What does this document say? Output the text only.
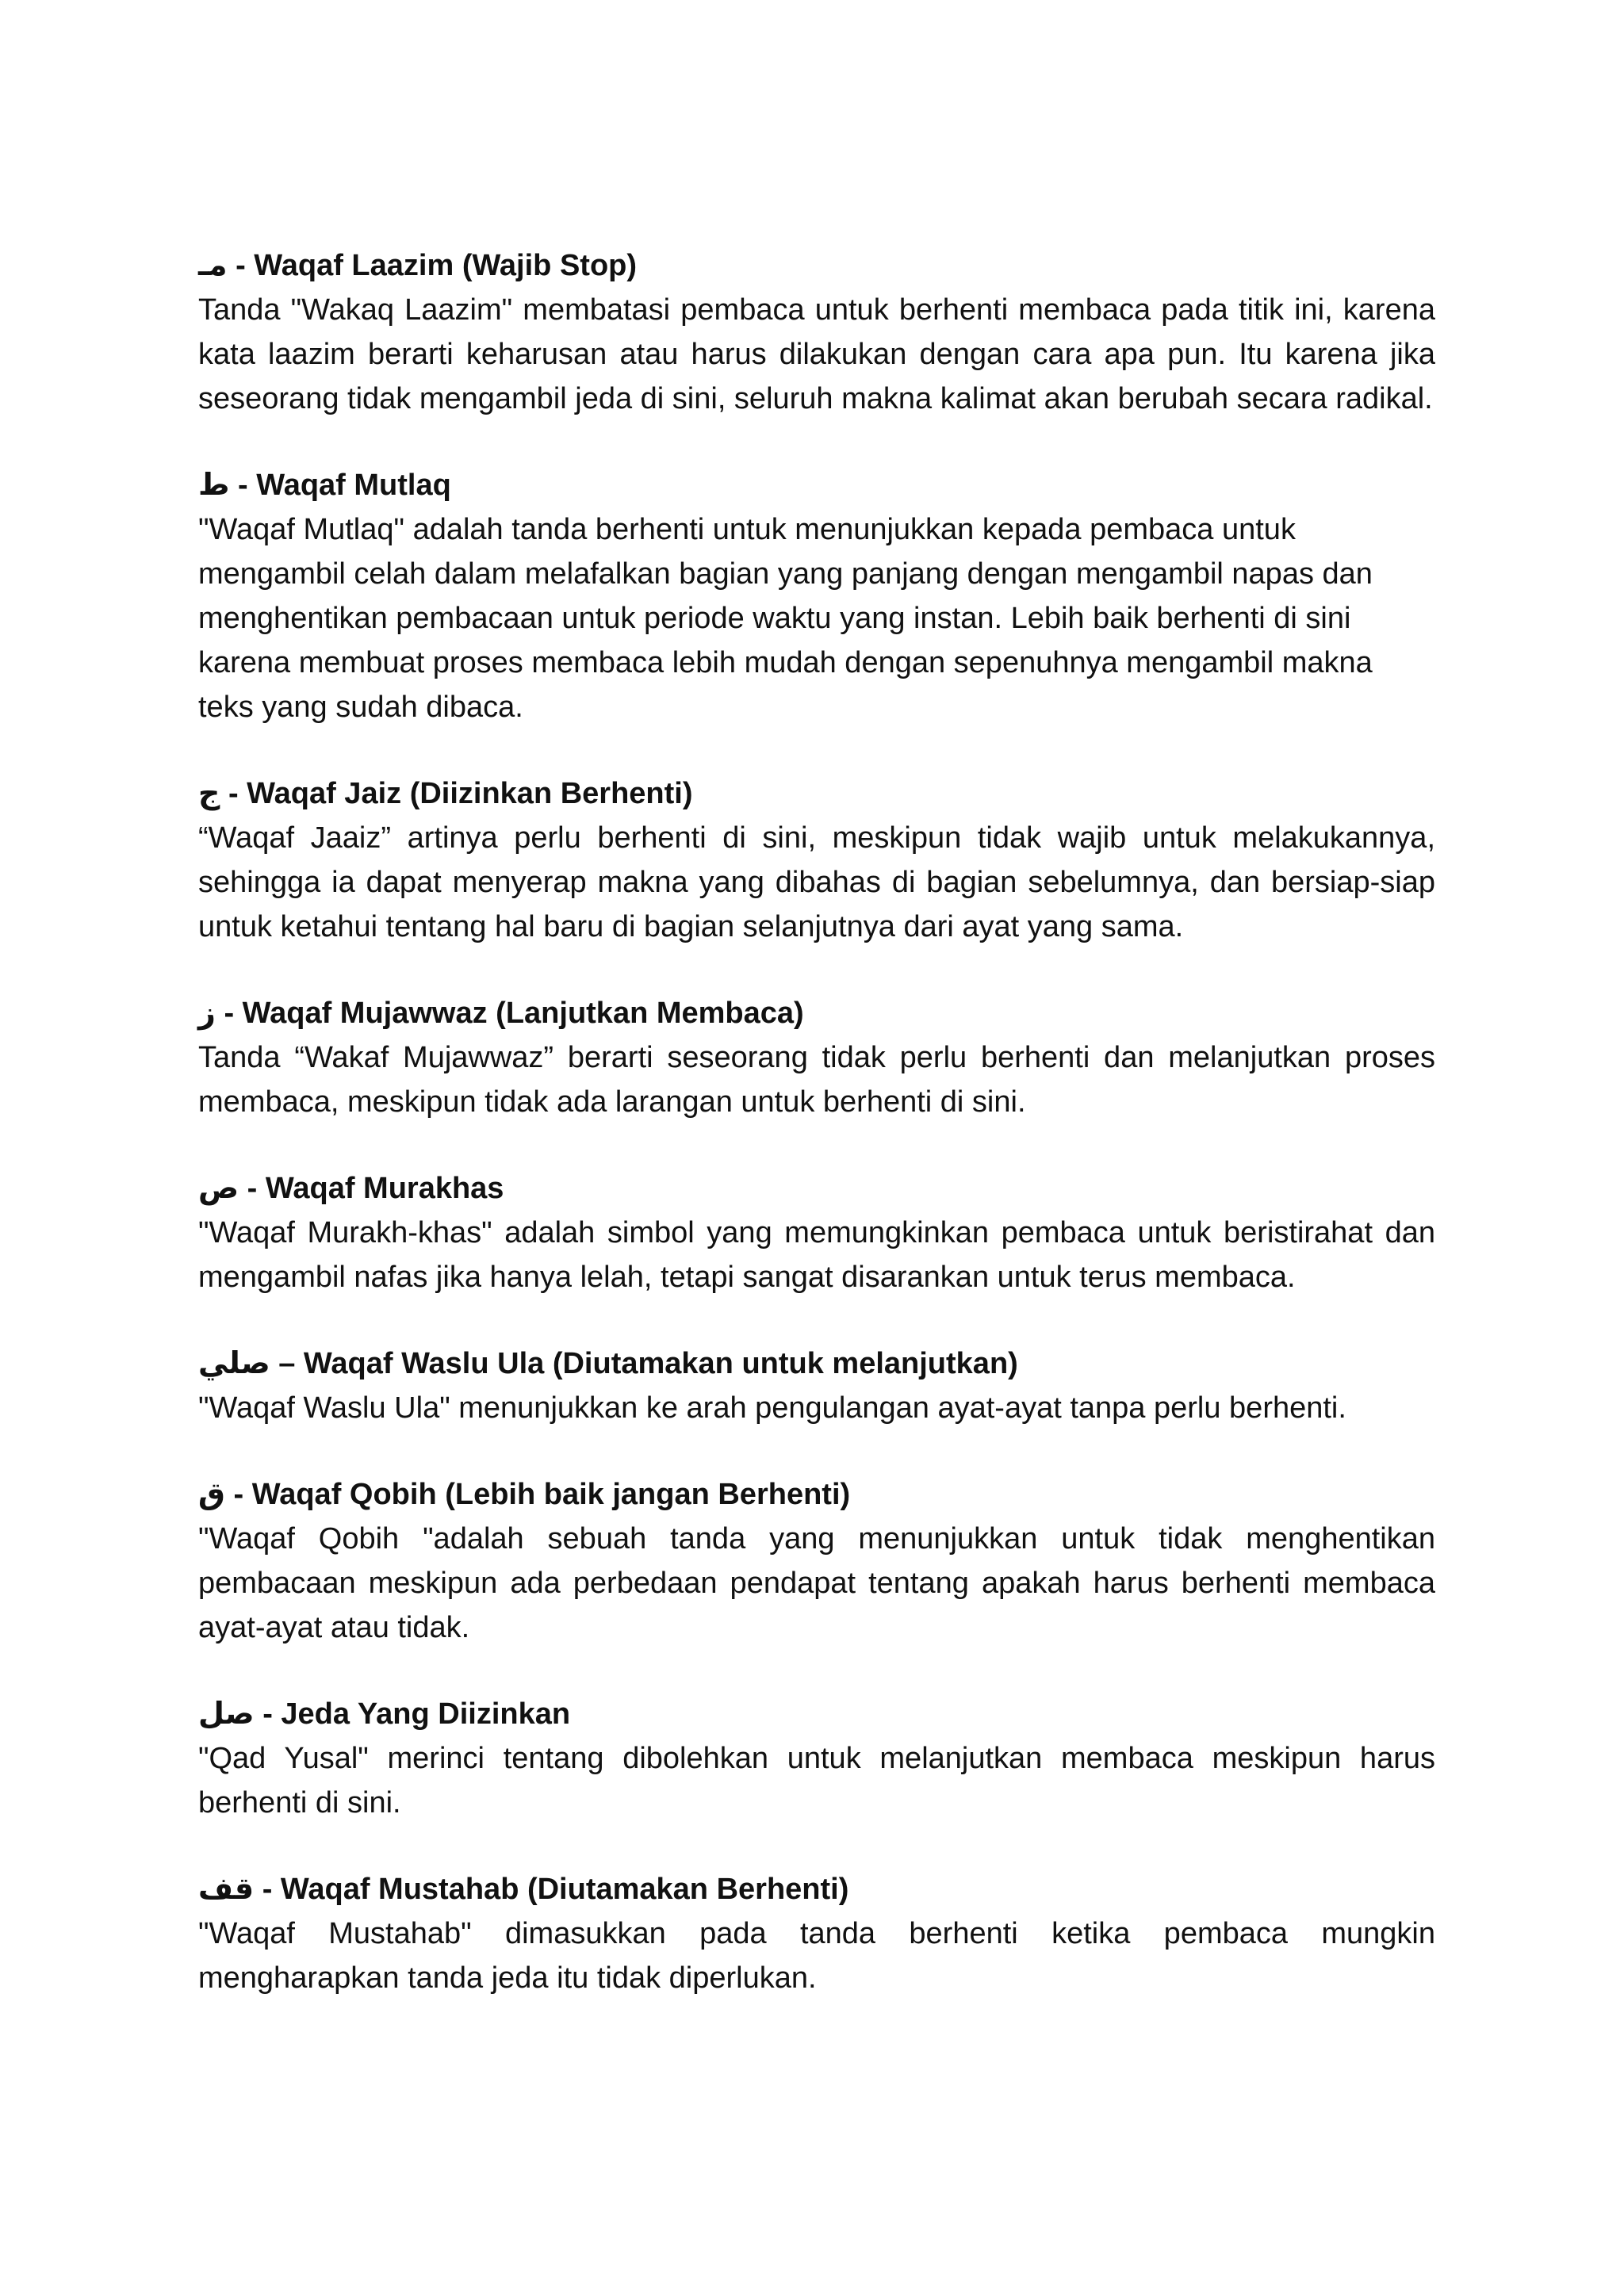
مـ - Waqaf Laazim (Wajib Stop)

Tanda "Wakaq Laazim" membatasi pembaca untuk berhenti membaca pada titik ini, karena kata laazim berarti keharusan atau harus dilakukan dengan cara apa pun. Itu karena jika seseorang tidak mengambil jeda di sini, seluruh makna kalimat akan berubah secara radikal.

ط - Waqaf Mutlaq

"Waqaf Mutlaq" adalah tanda berhenti untuk menunjukkan kepada pembaca untuk mengambil celah dalam melafalkan bagian yang panjang dengan mengambil napas dan menghentikan pembacaan untuk periode waktu yang instan. Lebih baik berhenti di sini karena membuat proses membaca lebih mudah dengan sepenuhnya mengambil makna teks yang sudah dibaca.

ج - Waqaf Jaiz (Diizinkan Berhenti)

“Waqaf Jaaiz” artinya perlu berhenti di sini, meskipun tidak wajib untuk melakukannya, sehingga ia dapat menyerap makna yang dibahas di bagian sebelumnya, dan bersiap-siap untuk ketahui tentang hal baru di bagian selanjutnya dari ayat yang sama.

ز - Waqaf Mujawwaz (Lanjutkan Membaca)

Tanda “Wakaf Mujawwaz” berarti seseorang tidak perlu berhenti dan melanjutkan proses membaca, meskipun tidak ada larangan untuk berhenti di sini.

ص - Waqaf Murakhas

"Waqaf Murakh-khas" adalah simbol yang memungkinkan pembaca untuk beristirahat dan mengambil nafas jika hanya lelah, tetapi sangat disarankan untuk terus membaca.

صلي – Waqaf Waslu Ula (Diutamakan untuk melanjutkan)

"Waqaf Waslu Ula" menunjukkan ke arah pengulangan ayat-ayat tanpa perlu berhenti.

ق - Waqaf Qobih (Lebih baik jangan Berhenti)

"Waqaf Qobih "adalah sebuah tanda yang menunjukkan untuk tidak menghentikan pembacaan meskipun ada perbedaan pendapat tentang apakah harus berhenti membaca ayat-ayat atau tidak.

صل - Jeda Yang Diizinkan

"Qad Yusal" merinci tentang dibolehkan untuk melanjutkan membaca meskipun harus berhenti di sini.

قف - Waqaf Mustahab (Diutamakan Berhenti)

"Waqaf Mustahab" dimasukkan pada tanda berhenti ketika pembaca mungkin mengharapkan tanda jeda itu tidak diperlukan.
